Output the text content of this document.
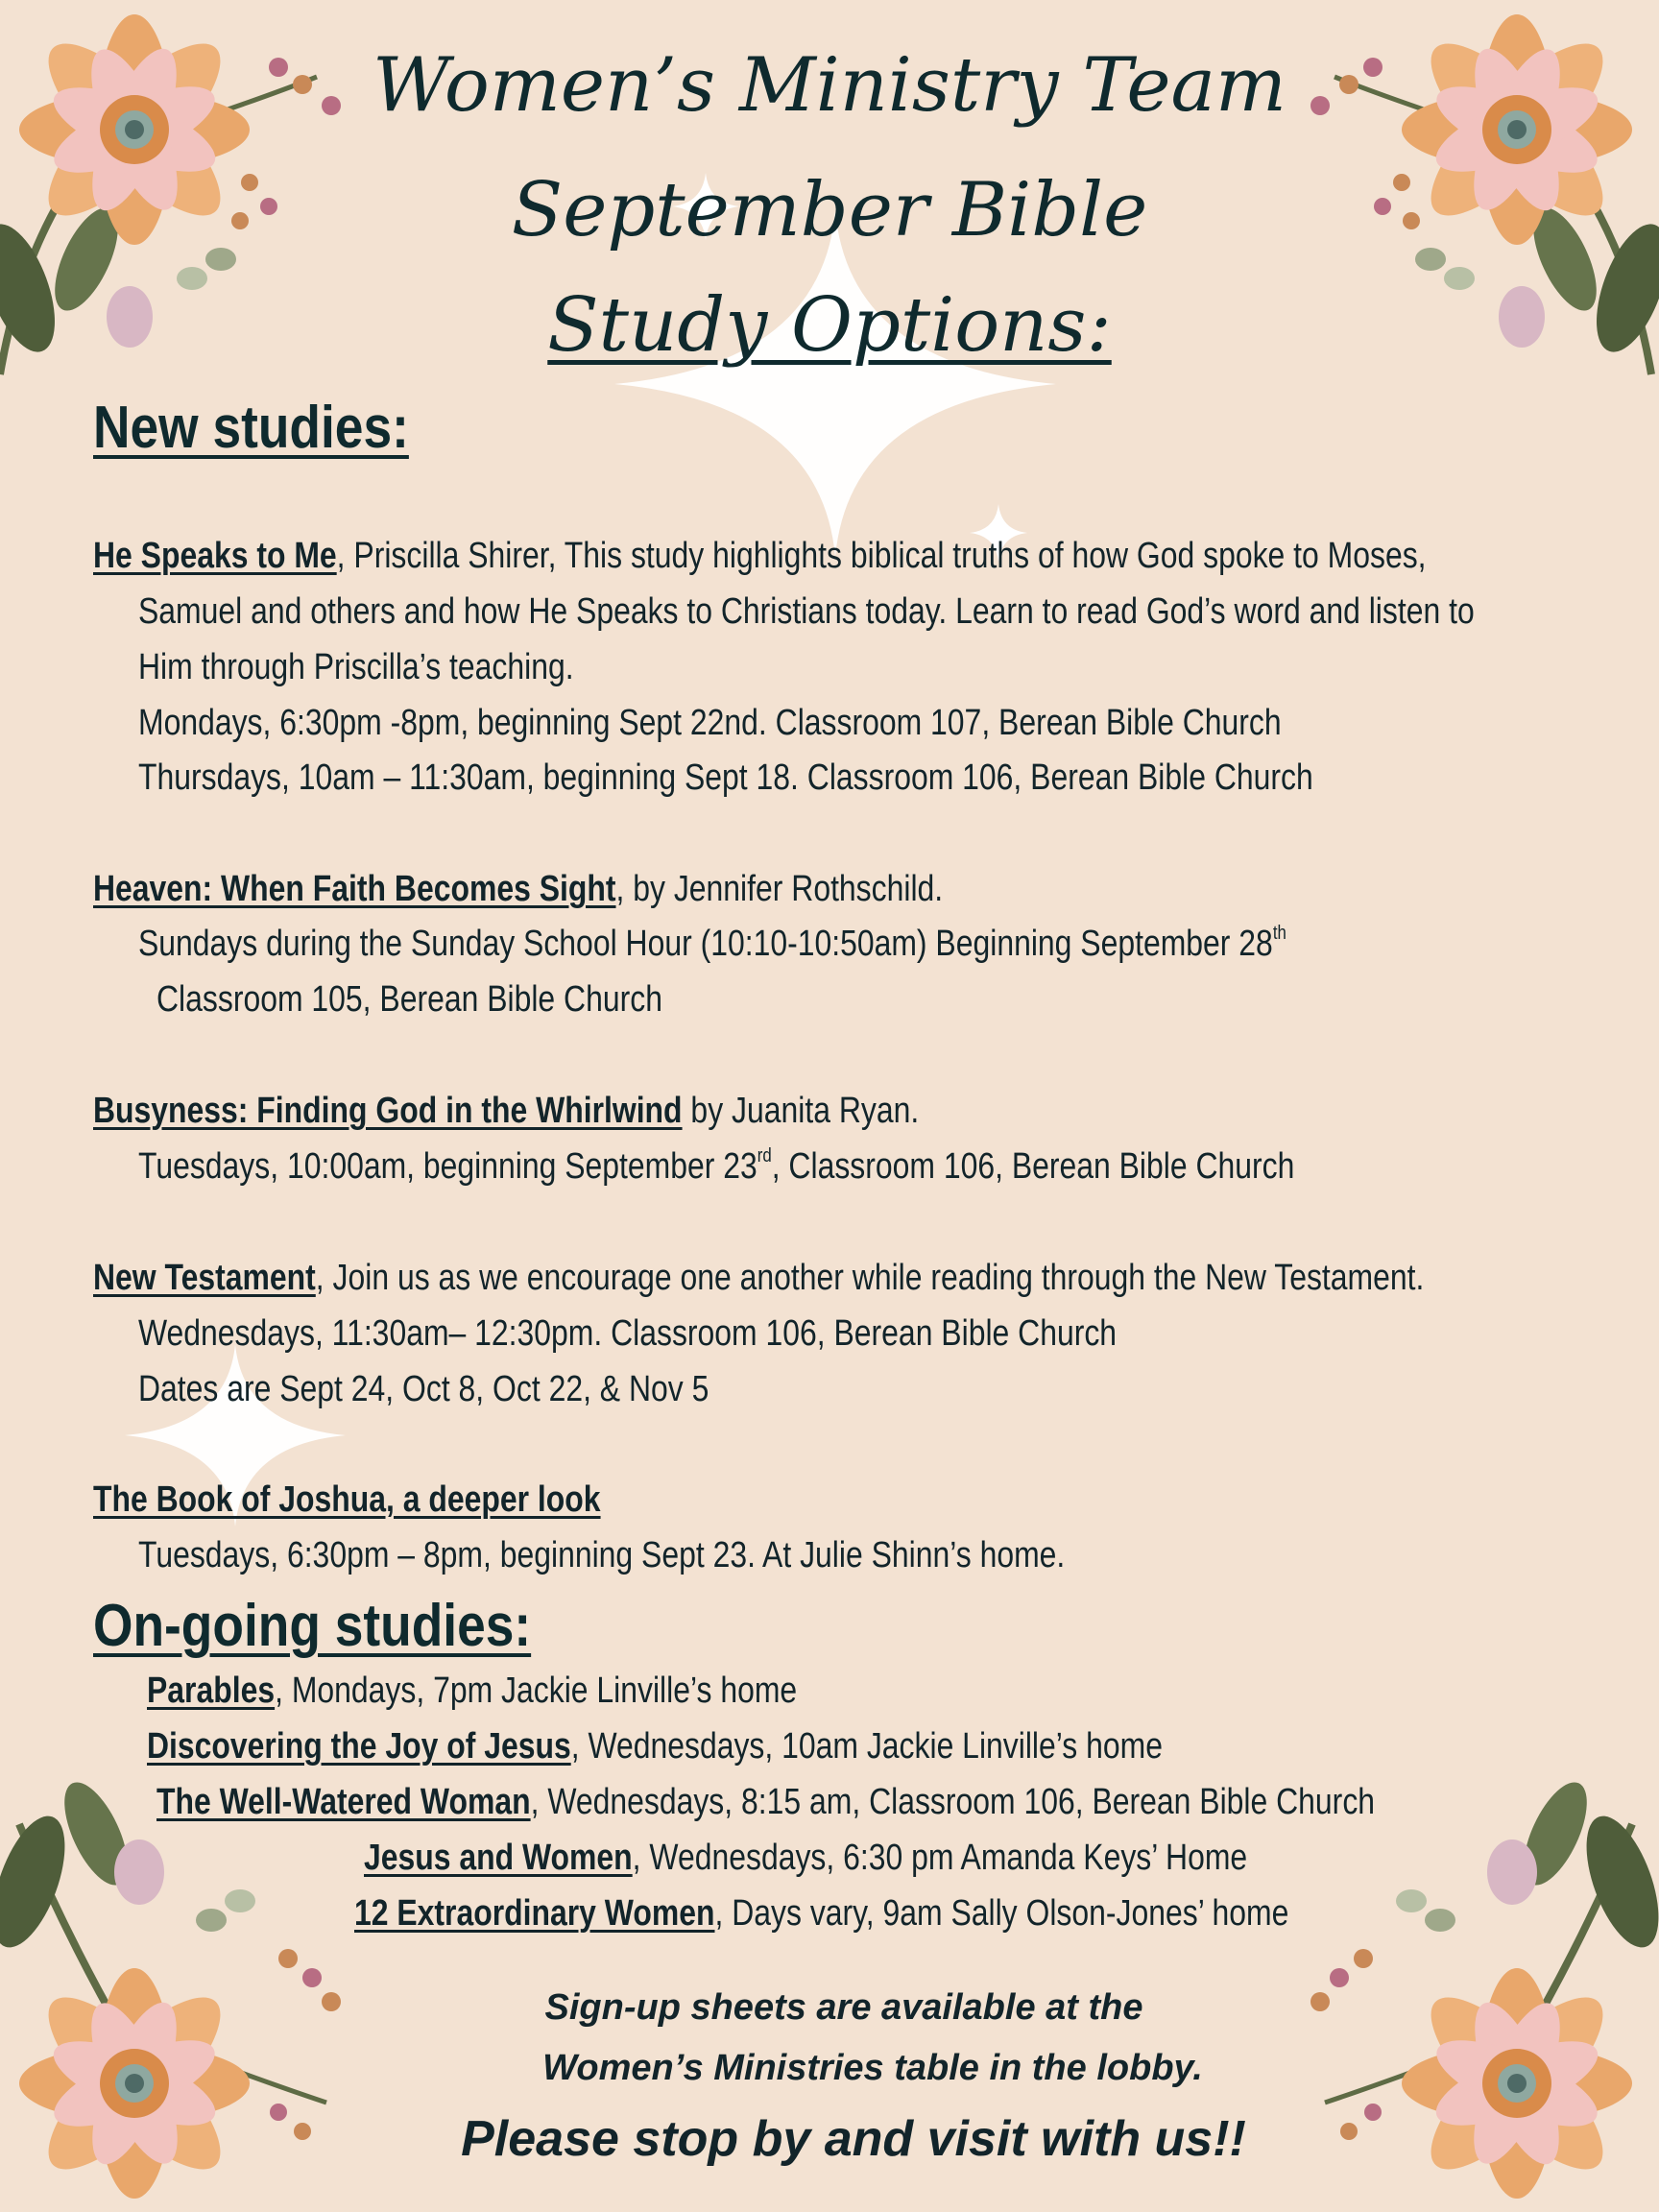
Women’s Ministry Team
September Bible
Study Options:
New studies:
He Speaks to Me, Priscilla Shirer, This study highlights biblical truths of how God spoke to Moses,
Samuel and others and how He Speaks to Christians today. Learn to read God’s word and listen to
Him through Priscilla’s teaching.
Mondays, 6:30pm -8pm, beginning Sept 22nd. Classroom 107, Berean Bible Church
Thursdays, 10am – 11:30am, beginning Sept 18. Classroom 106, Berean Bible Church
Heaven: When Faith Becomes Sight, by Jennifer Rothschild.
Sundays during the Sunday School Hour (10:10-10:50am) Beginning September 28th
Classroom 105, Berean Bible Church
Busyness: Finding God in the Whirlwind by Juanita Ryan.
Tuesdays, 10:00am, beginning September 23rd, Classroom 106, Berean Bible Church
New Testament, Join us as we encourage one another while reading through the New Testament.
Wednesdays, 11:30am– 12:30pm. Classroom 106, Berean Bible Church
Dates are Sept 24, Oct 8, Oct 22, & Nov 5
The Book of Joshua, a deeper look
Tuesdays, 6:30pm – 8pm, beginning Sept 23. At Julie Shinn’s home.
On-going studies:
Parables, Mondays, 7pm Jackie Linville’s home
Discovering the Joy of Jesus, Wednesdays, 10am Jackie Linville’s home
The Well-Watered Woman, Wednesdays, 8:15 am, Classroom 106, Berean Bible Church
Jesus and Women, Wednesdays, 6:30 pm Amanda Keys’ Home
12 Extraordinary Women, Days vary, 9am Sally Olson-Jones’ home
Sign-up sheets are available at the
Women’s Ministries table in the lobby.
Please stop by and visit with us!!
